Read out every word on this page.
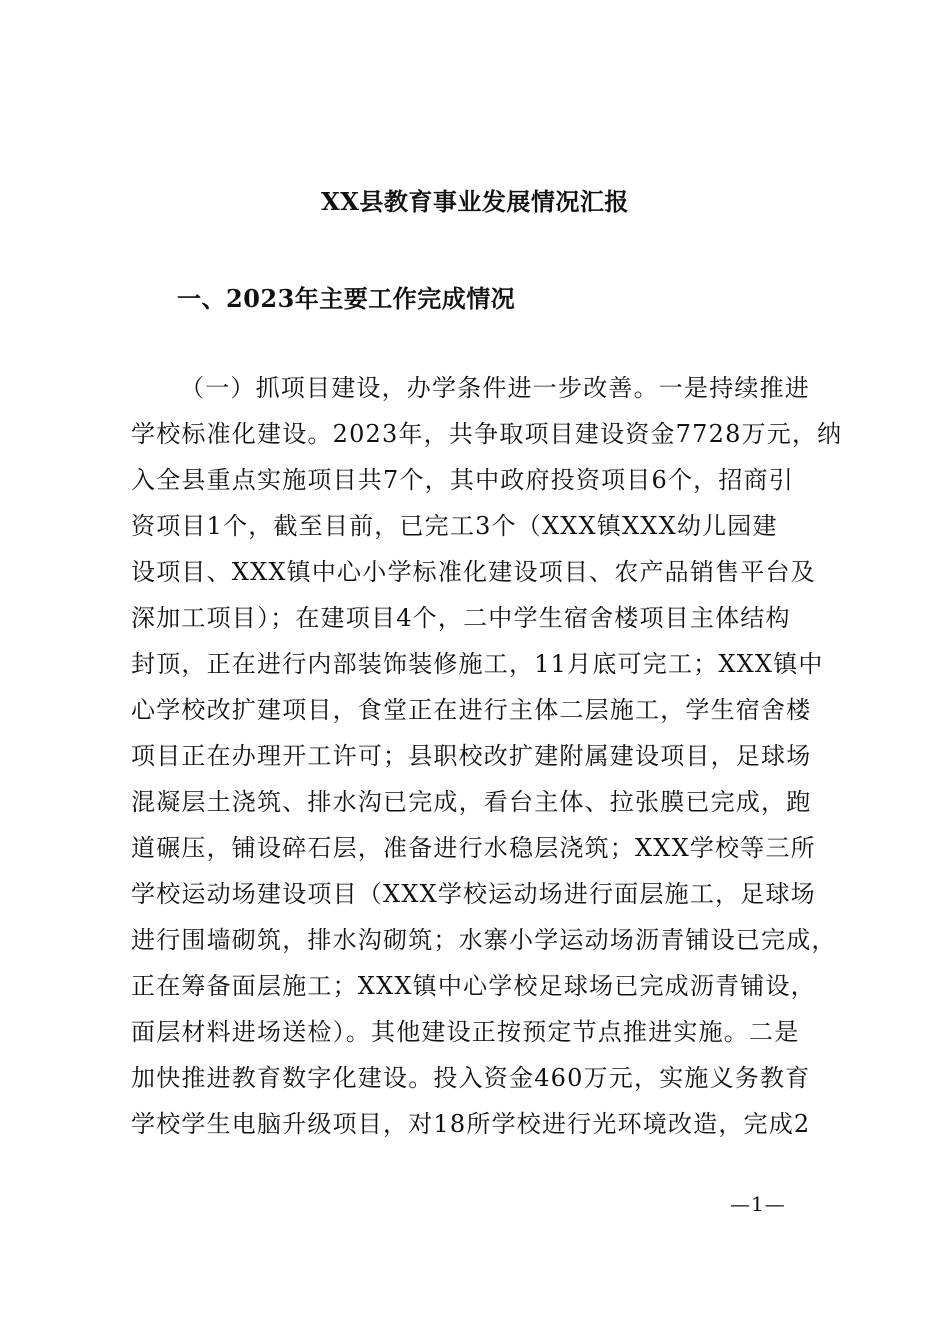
XX县教育事业发展情况汇报
一、2023年主要工作完成情况
（一）抓项目建设，办学条件进一步改善。一是持续推进
学校标准化建设。2023年，共争取项目建设资金7728万元，纳
入全县重点实施项目共7个，其中政府投资项目6个，招商引
资项目1个，截至目前，已完工3个（XXX镇XXX幼儿园建
设项目、XXX镇中心小学标准化建设项目、农产品销售平台及
深加工项目）；在建项目4个，二中学生宿舍楼项目主体结构
封顶，正在进行内部装饰装修施工，11月底可完工；XXX镇中
心学校改扩建项目，食堂正在进行主体二层施工，学生宿舍楼
项目正在办理开工许可；县职校改扩建附属建设项目，足球场
混凝层土浇筑、排水沟已完成，看台主体、拉张膜已完成，跑
道碾压，铺设碎石层，准备进行水稳层浇筑；XXX学校等三所
学校运动场建设项目（XXX学校运动场进行面层施工，足球场
进行围墙砌筑，排水沟砌筑；水寨小学运动场沥青铺设已完成，
正在筹备面层施工；XXX镇中心学校足球场已完成沥青铺设，
面层材料进场送检）。其他建设正按预定节点推进实施。二是
加快推进教育数字化建设。投入资金460万元，实施义务教育
学校学生电脑升级项目，对18所学校进行光环境改造，完成2
—1—
